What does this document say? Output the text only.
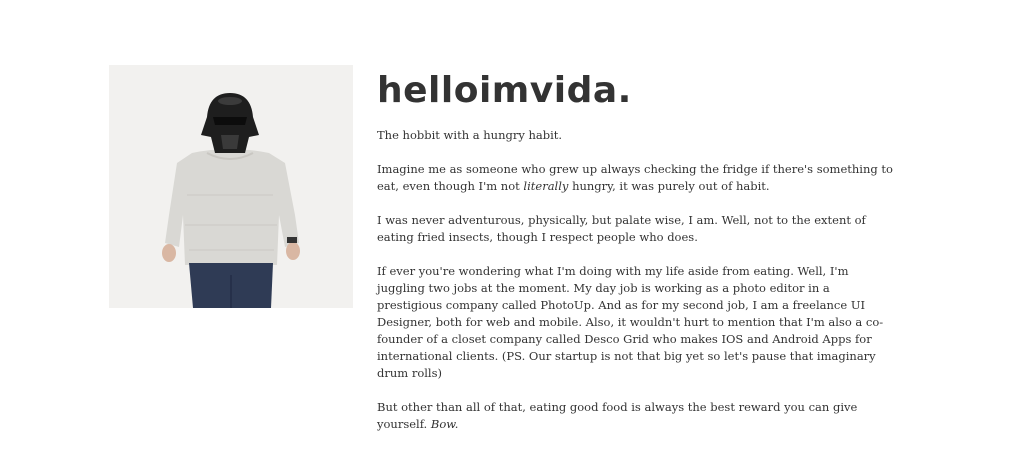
helloimvida.

The hobbit with a hungry habit.

Imagine me as someone who grew up always checking the fridge if there's something to eat, even though I'm not literally hungry, it was purely out of habit.

I was never adventurous, physically, but palate wise, I am. Well, not to the extent of eating fried insects, though I respect people who does.

If ever you're wondering what I'm doing with my life aside from eating. Well, I'm juggling two jobs at the moment. My day job is working as a photo editor in a prestigious company called PhotoUp. And as for my second job, I am a freelance UI Designer, both for web and mobile. Also, it wouldn't hurt to mention that I'm also a co-founder of a closet company called Desco Grid who makes IOS and Android Apps for international clients. (PS. Our startup is not that big yet so let's pause that imaginary drum rolls)

But other than all of that, eating good food is always the best reward you can give yourself. Bow.
